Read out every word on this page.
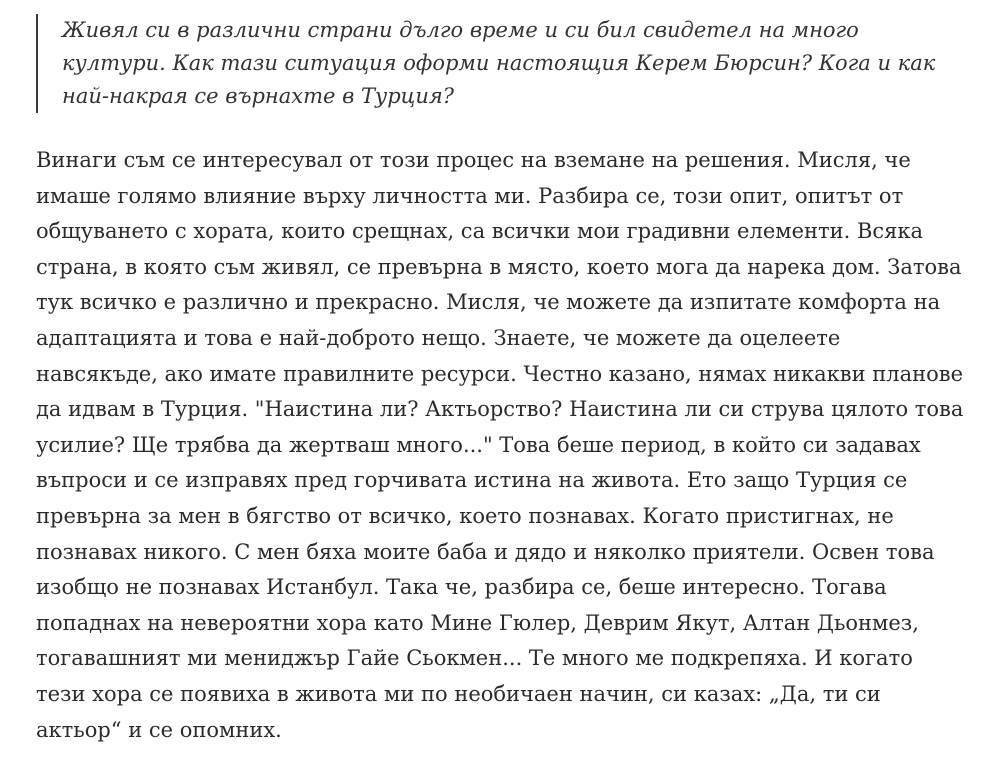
Живял си в различни страни дълго време и си бил свидетел на много култури. Как тази ситуация оформи настоящия Керем Бюрсин? Кога и как най-накрая се върнахте в Турция?

Винаги съм се интересувал от този процес на вземане на решения. Мисля, че имаше голямо влияние върху личността ми. Разбира се, този опит, опитът от общуването с хората, които срещнах, са всички мои градивни елементи. Всяка страна, в която съм живял, се превърна в място, което мога да нарека дом. Затова тук всичко е различно и прекрасно. Мисля, че можете да изпитате комфорта на адаптацията и това е най-доброто нещо. Знаете, че можете да оцелеете навсякъде, ако имате правилните ресурси. Честно казано, нямах никакви планове да идвам в Турция. "Наистина ли? Актьорство? Наистина ли си струва цялото това усилие? Ще трябва да жертваш много..." Това беше период, в който си задавах въпроси и се изправях пред горчивата истина на живота. Ето защо Турция се превърна за мен в бягство от всичко, което познавах. Когато пристигнах, не познавах никого. С мен бяха моите баба и дядо и няколко приятели. Освен това изобщо не познавах Истанбул. Така че, разбира се, беше интересно. Тогава попаднах на невероятни хора като Мине Гюлер, Деврим Якут, Алтан Дьонмез, тогавашният ми мениджър Гайе Сьокмен... Те много ме подкрепяха. И когато тези хора се появиха в живота ми по необичаен начин, си казах: „Да, ти си актьор“ и се опомних.
